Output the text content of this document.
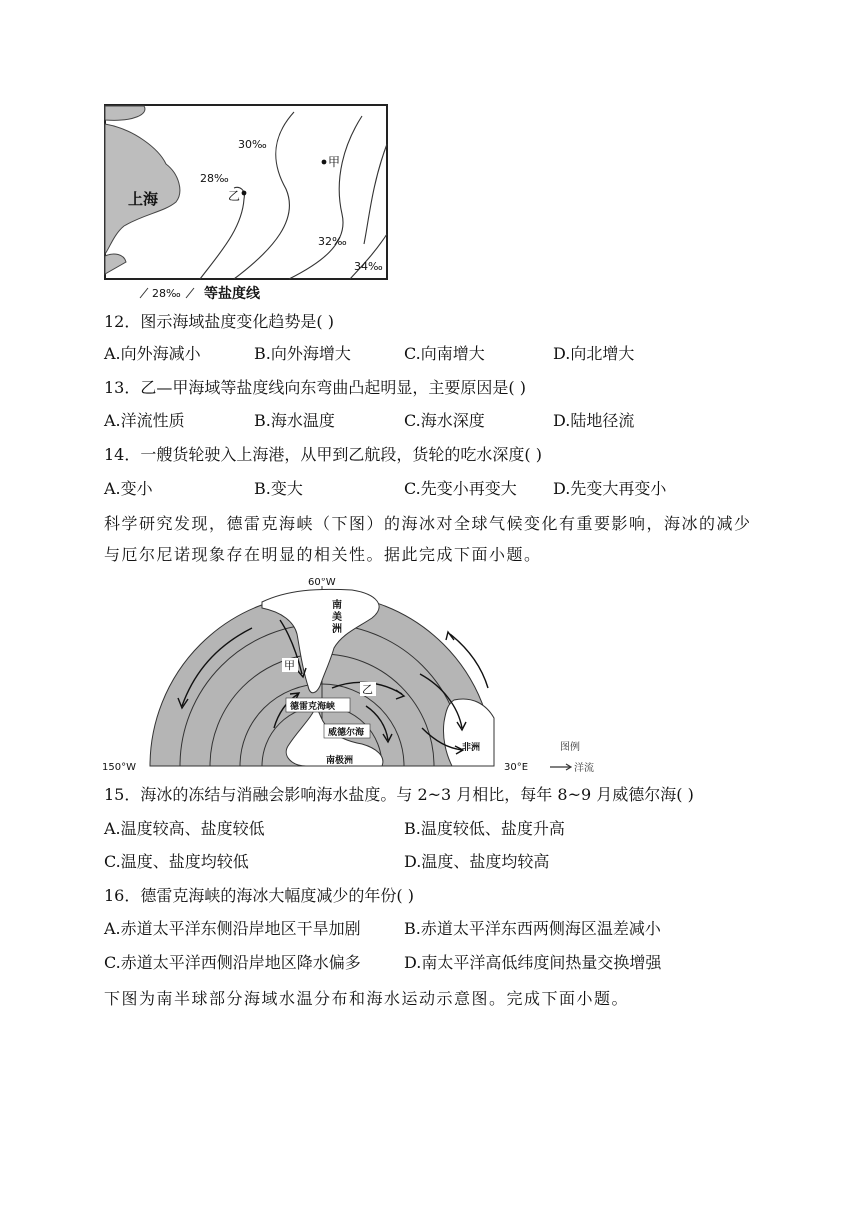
上海
甲
乙
28‰
30‰
32‰
34‰
28‰ 等盐度线
12．图示海域盐度变化趋势是( )
A.向外海减小	B.向外海增大	C.向南增大	D.向北增大
13．乙—甲海域等盐度线向东弯曲凸起明显，主要原因是( )
A.洋流性质	B.海水温度	C.海水深度	D.陆地径流
14．一艘货轮驶入上海港，从甲到乙航段，货轮的吃水深度( )
A.变小	B.变大	C.先变小再变大 D.先变大再变小
科学研究发现，德雷克海峡（下图）的海冰对全球气候变化有重要影响，海冰的减少
与厄尔尼诺现象存在明显的相关性。据此完成下面小题。
60°W
150°W	30°E
南
美
洲
甲
乙
德雷克海峡
威德尔海
南极洲
非洲	图例
洋流
15．海冰的冻结与消融会影响海水盐度。与 2~3 月相比，每年 8~9 月威德尔海( )
A.温度较高、盐度较低	B.温度较低、盐度升高
C.温度、盐度均较低	D.温度、盐度均较高
16．德雷克海峡的海冰大幅度减少的年份( )
A.赤道太平洋东侧沿岸地区干旱加剧	B.赤道太平洋东西两侧海区温差减小
C.赤道太平洋西侧沿岸地区降水偏多	D.南太平洋高低纬度间热量交换增强
下图为南半球部分海域水温分布和海水运动示意图。完成下面小题。
